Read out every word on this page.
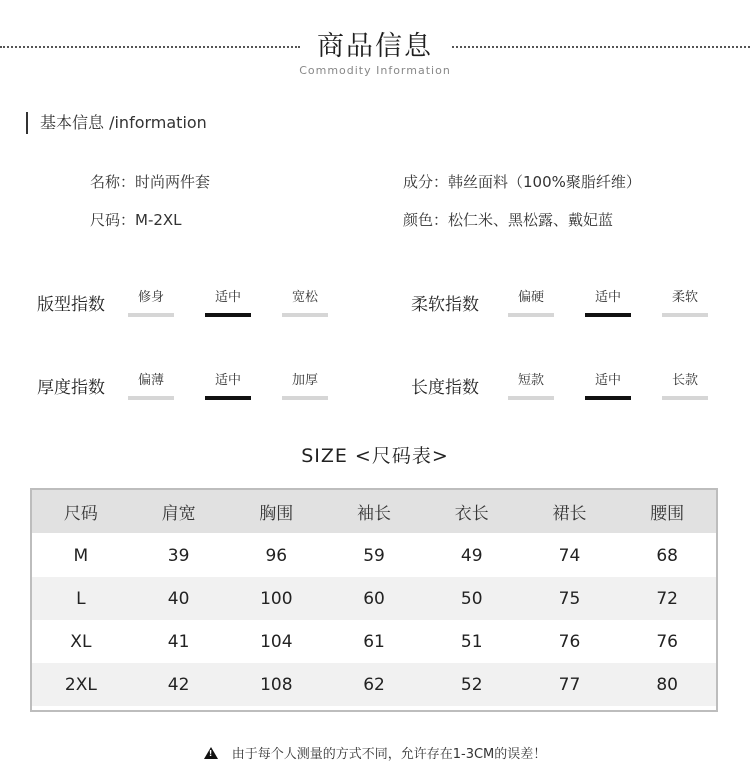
商品信息
Commodity Information
基本信息 /information
名称：时尚两件套	成分：韩丝面料（100%聚脂纤维）
尺码：M-2XL	颜色：松仁米、黑松露、戴妃蓝
版型指数	修身	适中	宽松	柔软指数	偏硬	适中	柔软
厚度指数	偏薄	适中	加厚	长度指数	短款	适中	长款
SIZE <尺码表>
尺码	肩宽	胸围	袖长	衣长	裙长	腰围
M	39	96	59	49	74	68
L	40	100	60	50	75	72
XL	41	104	61	51	76	76
2XL	42	108	62	52	77	80
!由于每个人测量的方式不同，允许存在1-3CM的误差！
